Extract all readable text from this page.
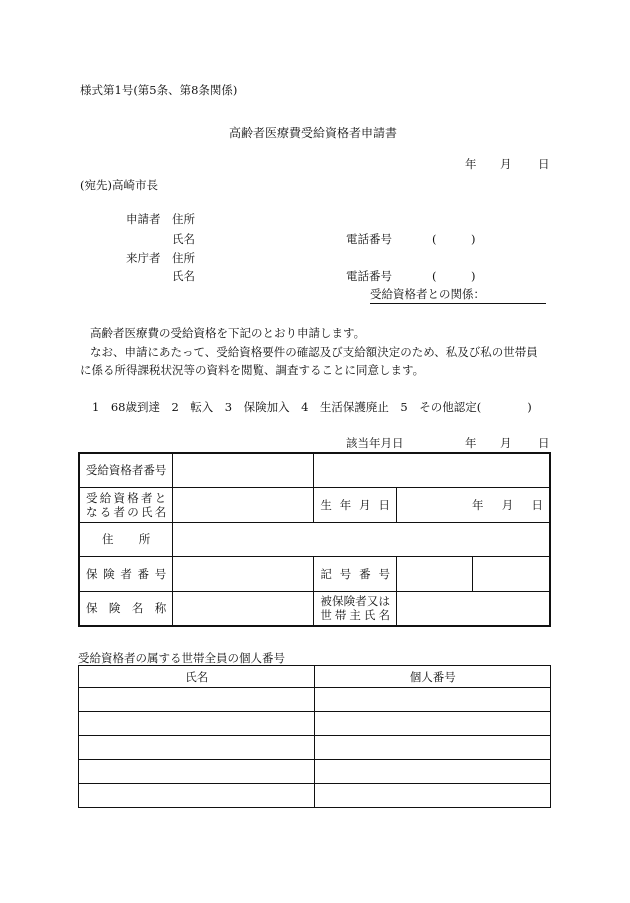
様式第1号(第5条、第8条関係)
高齢者医療費受給資格者申請書
年 月 日
(宛先)高崎市長
申請者 住所
氏名	電話番号	(　　　)
来庁者 住所
氏名	電話番号	(　　　)
受給資格者との関係：
高齢者医療費の受給資格を下記のとおり申請します。
なお、申請にあたって、受給資格要件の確認及び支給額決定のため、私及び私の世帯員
に係る所得課税状況等の資料を閲覧、調査することに同意します。
1　68歳到達　2　転入　3　保険加入　4　生活保護廃止　5　その他認定(　　　　)
該当年月日	年 月 日
受給資格者番号				
受給資格者と
なる者の氏名		生年月日	年 月 日	
住所				
保険者番号		記号番号		
保険名称		被保険者又は
世帯主氏名		
受給資格者の属する世帯全員の個人番号
氏名	個人番号
